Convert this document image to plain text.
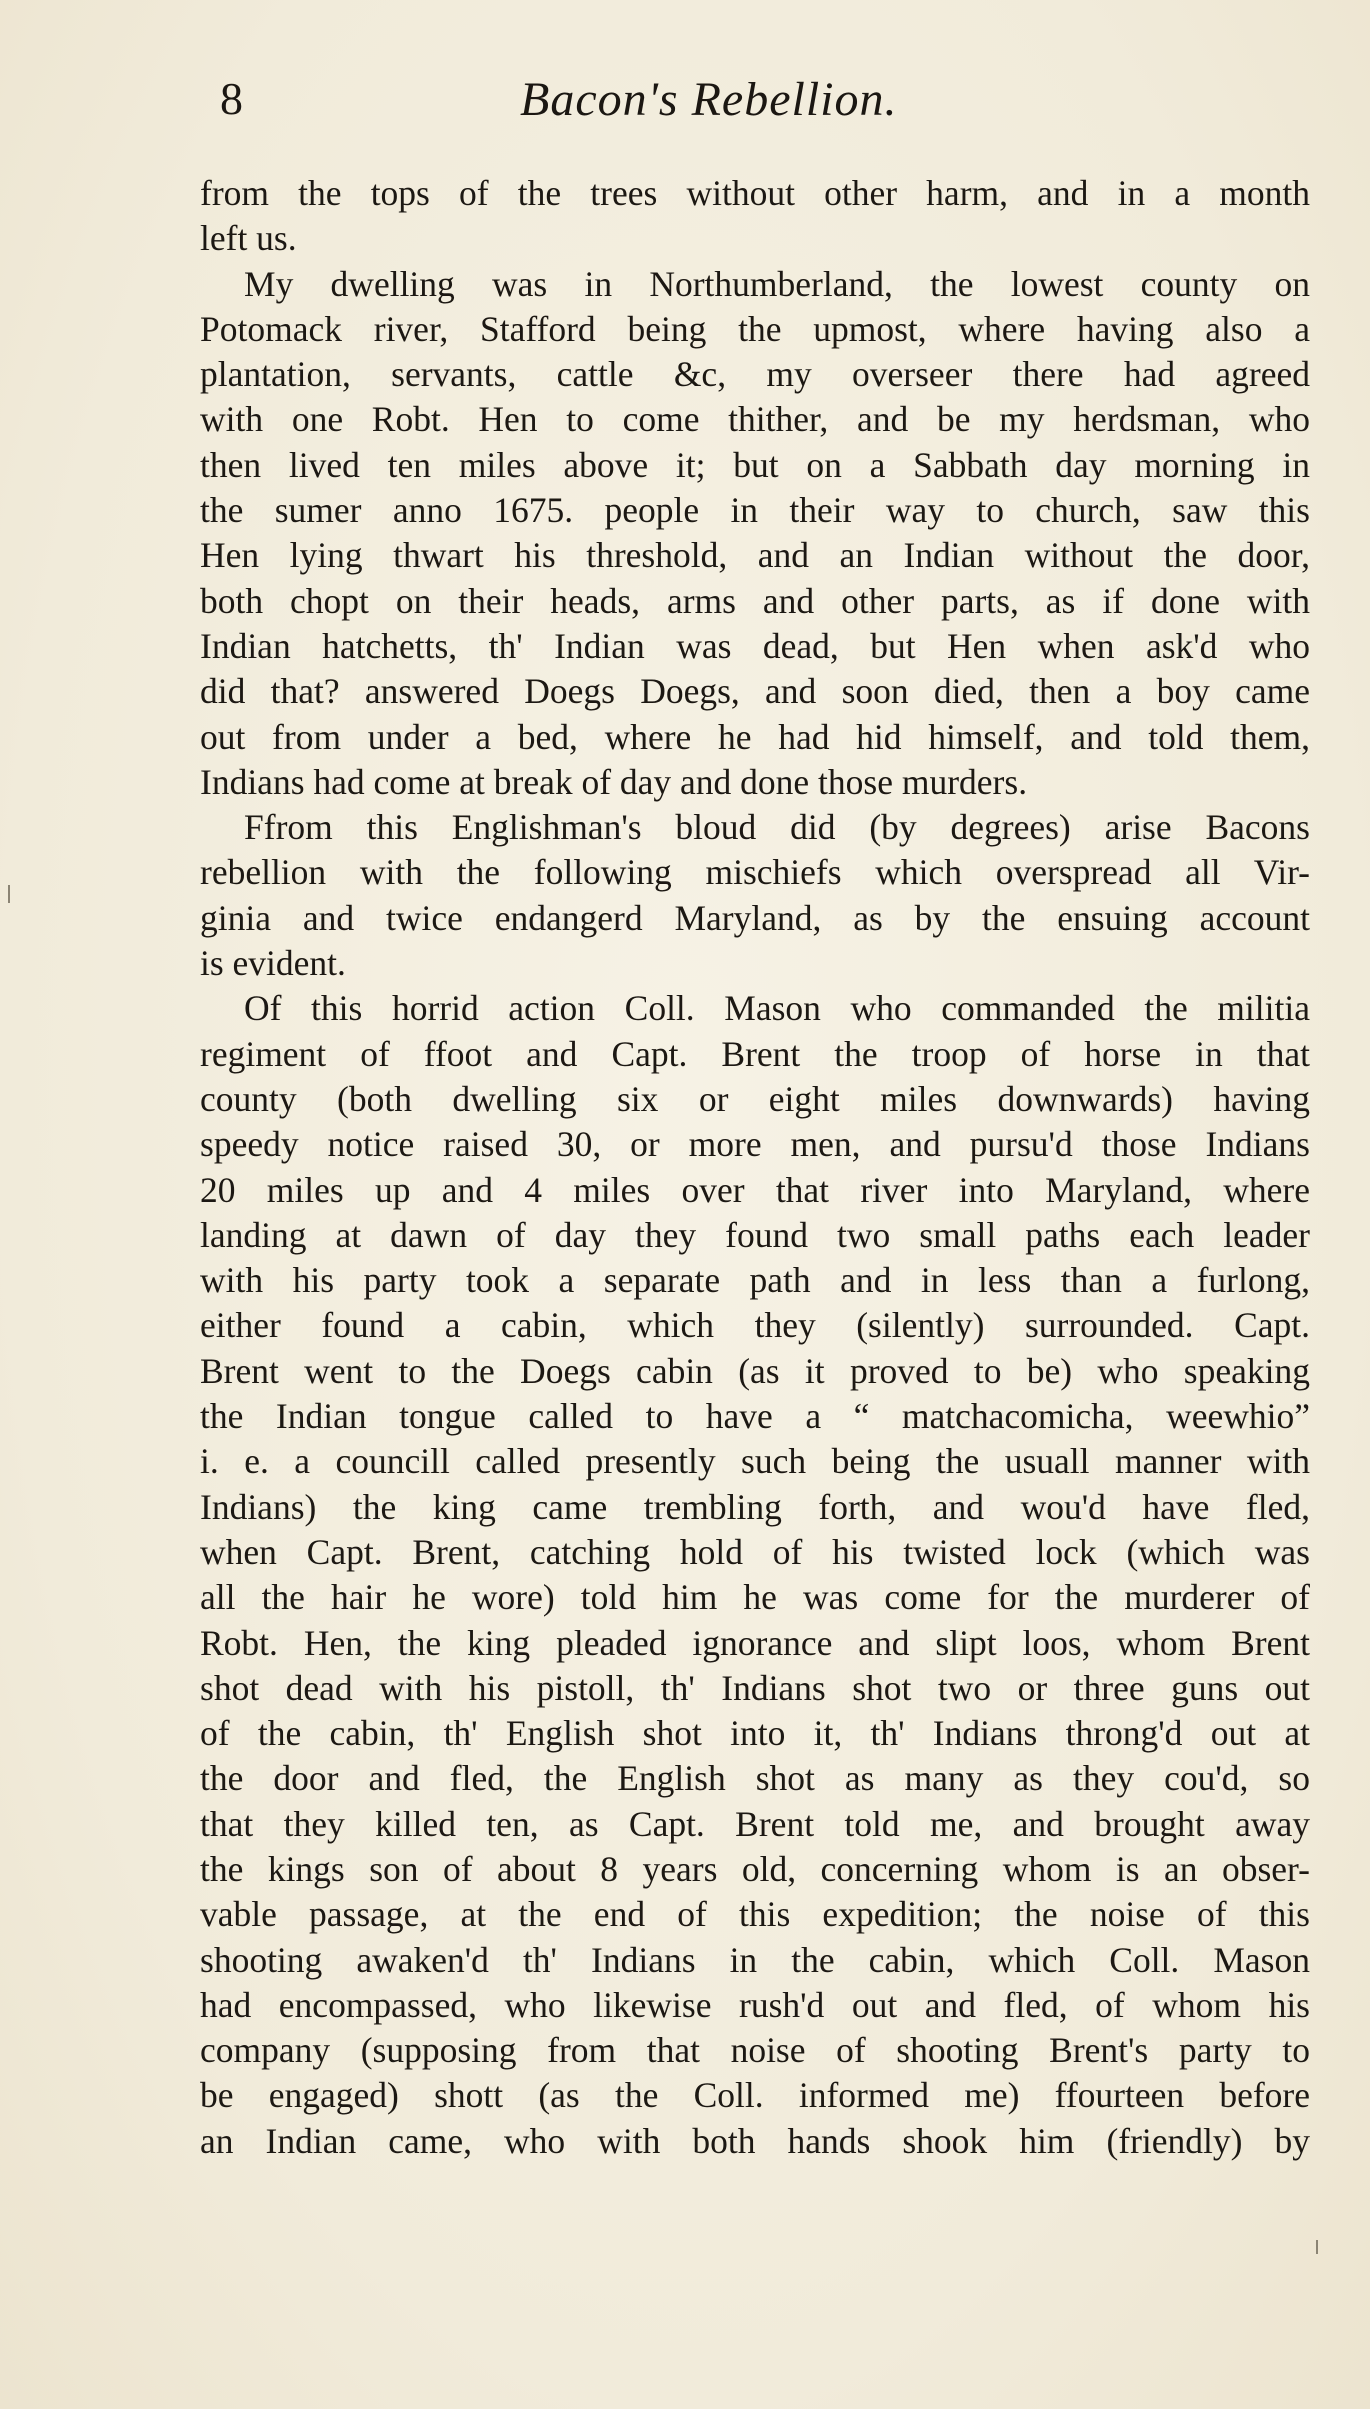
8	Bacon's Rebellion.
from the tops of the trees without other harm, and in a month
left us.
My dwelling was in Northumberland, the lowest county on
Potomack river, Stafford being the upmost, where having also a
plantation, servants, cattle &c, my overseer there had agreed
with one Robt. Hen to come thither, and be my herdsman, who
then lived ten miles above it; but on a Sabbath day morning in
the sumer anno 1675. people in their way to church, saw this
Hen lying thwart his threshold, and an Indian without the door,
both chopt on their heads, arms and other parts, as if done with
Indian hatchetts, th' Indian was dead, but Hen when ask'd who
did that? answered Doegs Doegs, and soon died, then a boy came
out from under a bed, where he had hid himself, and told them,
Indians had come at break of day and done those murders.
Ffrom this Englishman's bloud did (by degrees) arise Bacons
rebellion with the following mischiefs which overspread all Vir-
ginia and twice endangerd Maryland, as by the ensuing account
is evident.
Of this horrid action Coll. Mason who commanded the militia
regiment of ffoot and Capt. Brent the troop of horse in that
county (both dwelling six or eight miles downwards) having
speedy notice raised 30, or more men, and pursu'd those Indians
20 miles up and 4 miles over that river into Maryland, where
landing at dawn of day they found two small paths each leader
with his party took a separate path and in less than a furlong,
either found a cabin, which they (silently) surrounded. Capt.
Brent went to the Doegs cabin (as it proved to be) who speaking
the Indian tongue called to have a “ matchacomicha, weewhio”
i. e. a councill called presently such being the usuall manner with
Indians) the king came trembling forth, and wou'd have fled,
when Capt. Brent, catching hold of his twisted lock (which was
all the hair he wore) told him he was come for the murderer of
Robt. Hen, the king pleaded ignorance and slipt loos, whom Brent
shot dead with his pistoll, th' Indians shot two or three guns out
of the cabin, th' English shot into it, th' Indians throng'd out at
the door and fled, the English shot as many as they cou'd, so
that they killed ten, as Capt. Brent told me, and brought away
the kings son of about 8 years old, concerning whom is an obser-
vable passage, at the end of this expedition; the noise of this
shooting awaken'd th' Indians in the cabin, which Coll. Mason
had encompassed, who likewise rush'd out and fled, of whom his
company (supposing from that noise of shooting Brent's party to
be engaged) shott (as the Coll. informed me) ffourteen before
an Indian came, who with both hands shook him (friendly) by
